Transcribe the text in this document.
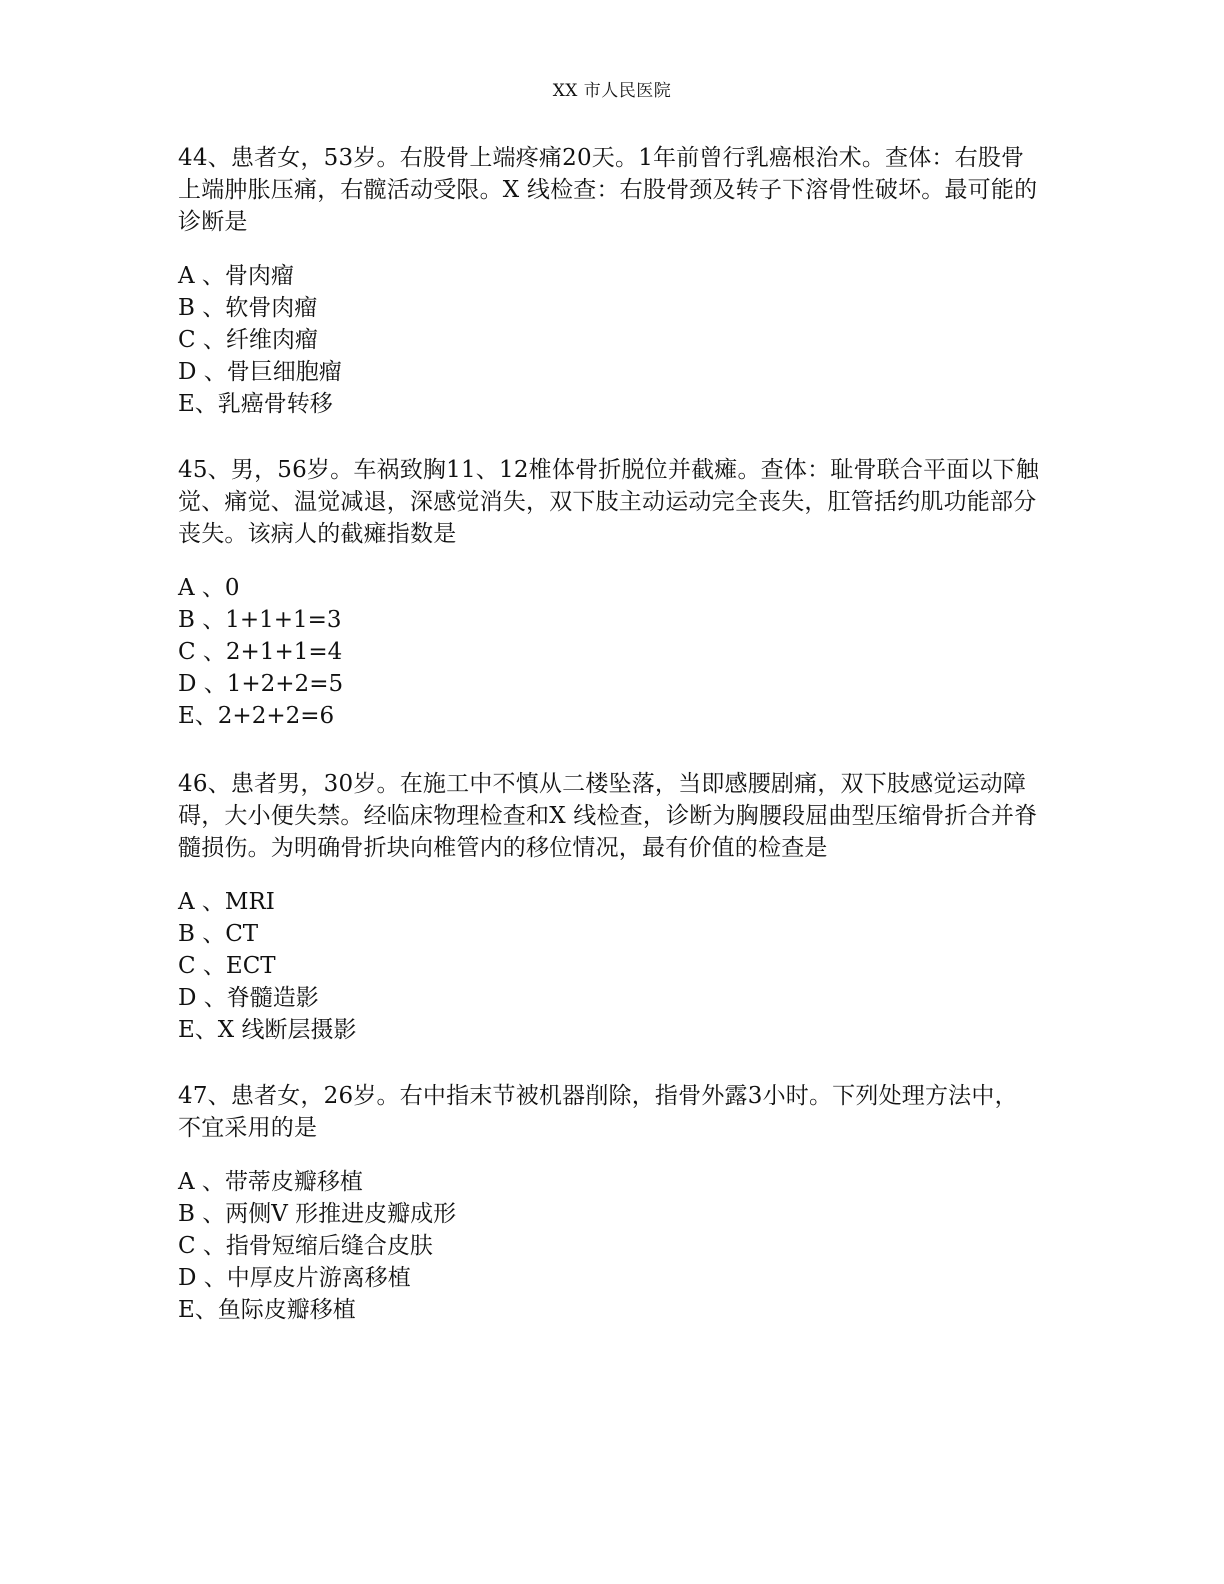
XX 市人民医院

44、患者女，53岁。右股骨上端疼痛20天。1年前曾行乳癌根治术。查体：右股骨上端肿胀压痛，右髋活动受限。X 线检查：右股骨颈及转子下溶骨性破坏。最可能的诊断是

A 、骨肉瘤
B 、软骨肉瘤
C 、纤维肉瘤
D 、骨巨细胞瘤
E、乳癌骨转移

45、男，56岁。车祸致胸11、12椎体骨折脱位并截瘫。查体：耻骨联合平面以下触觉、痛觉、温觉减退，深感觉消失，双下肢主动运动完全丧失，肛管括约肌功能部分丧失。该病人的截瘫指数是

A 、0
B 、1+1+1=3
C 、2+1+1=4
D 、1+2+2=5
E、2+2+2=6

46、患者男，30岁。在施工中不慎从二楼坠落，当即感腰剧痛，双下肢感觉运动障碍，大小便失禁。经临床物理检查和X 线检查，诊断为胸腰段屈曲型压缩骨折合并脊髓损伤。为明确骨折块向椎管内的移位情况，最有价值的检查是

A 、MRI
B 、CT
C 、ECT
D 、脊髓造影
E、X 线断层摄影

47、患者女，26岁。右中指末节被机器削除，指骨外露3小时。下列处理方法中，不宜采用的是

A 、带蒂皮瓣移植
B 、两侧V 形推进皮瓣成形
C 、指骨短缩后缝合皮肤
D 、中厚皮片游离移植
E、鱼际皮瓣移植
